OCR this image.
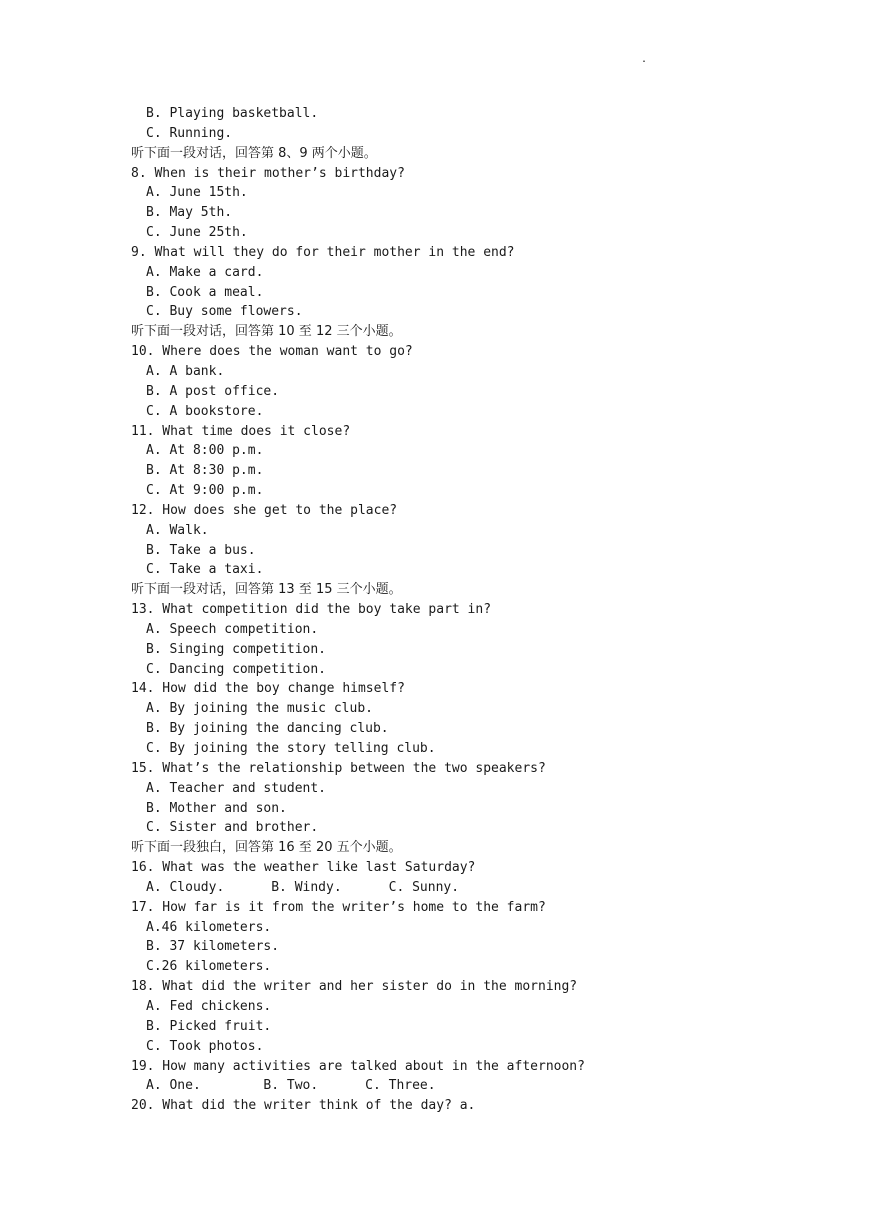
.
B. Playing basketball.
C. Running.
听下面一段对话，回答第 8、9 两个小题。
8. When is their mother’s birthday?
A. June 15th.
B. May 5th.
C. June 25th.
9. What will they do for their mother in the end?
A. Make a card.
B. Cook a meal.
C. Buy some flowers.
听下面一段对话，回答第 10 至 12 三个小题。
10. Where does the woman want to go?
A. A bank.
B. A post office.
C. A bookstore.
11. What time does it close?
A. At 8:00 p.m.
B. At 8:30 p.m.
C. At 9:00 p.m.
12. How does she get to the place?
A. Walk.
B. Take a bus.
C. Take a taxi.
听下面一段对话，回答第 13 至 15 三个小题。
13. What competition did the boy take part in?
A. Speech competition.
B. Singing competition.
C. Dancing competition.
14. How did the boy change himself?
A. By joining the music club.
B. By joining the dancing club.
C. By joining the story telling club.
15. What’s the relationship between the two speakers?
A. Teacher and student.
B. Mother and son.
C. Sister and brother.
听下面一段独白，回答第 16 至 20 五个小题。
16. What was the weather like last Saturday?
A. Cloudy.      B. Windy.      C. Sunny.
17. How far is it from the writer’s home to the farm?
A.46 kilometers.
B. 37 kilometers.
C.26 kilometers.
18. What did the writer and her sister do in the morning?
A. Fed chickens.
B. Picked fruit.
C. Took photos.
19. How many activities are talked about in the afternoon?
A. One.        B. Two.      C. Three.
20. What did the writer think of the day? a.
